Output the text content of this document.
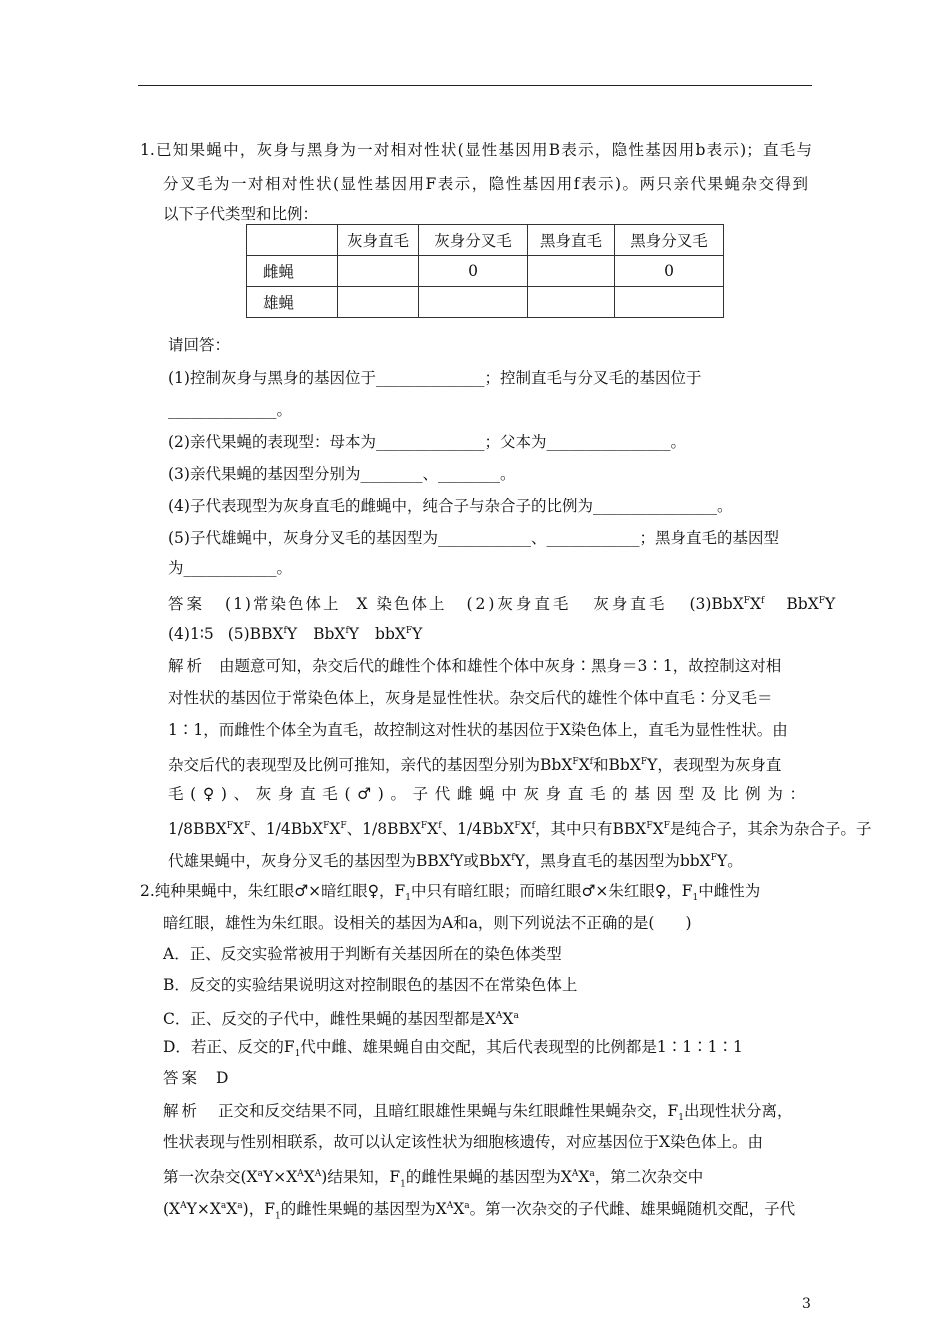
1.已知果蝇中，灰身与黑身为一对相对性状(显性基因用B表示，隐性基因用b表示)；直毛与
分叉毛为一对相对性状(显性基因用F表示，隐性基因用f表示)。两只亲代果蝇杂交得到
以下子代类型和比例：
	灰身直毛	灰身分叉毛	黑身直毛	黑身分叉毛
雌蝇		0		0
雄蝇				
请回答：
(1)控制灰身与黑身的基因位于______________；控制直毛与分叉毛的基因位于
______________。
(2)亲代果蝇的表现型：母本为______________；父本为________________。
(3)亲代果蝇的基因型分别为________、________。
(4)子代表现型为灰身直毛的雌蝇中，纯合子与杂合子的比例为________________。
(5)子代雄蝇中，灰身分叉毛的基因型为____________、____________；黑身直毛的基因型
为____________。
答案 (1)常染色体上 X 染色体上 (2)灰身直毛 灰身直毛 $(3)BbX^FX^f$ BbX$^F$Y
(4)1∶5 (5)BBX$^f$Y BbX$^f$Y bbX$^F$Y
解析 由题意可知，杂交后代的雌性个体和雄性个体中灰身∶黑身＝3∶1，故控制这对相
对性状的基因位于常染色体上，灰身是显性性状。杂交后代的雄性个体中直毛∶分叉毛＝
1∶1，而雌性个体全为直毛，故控制这对性状的基因位于X染色体上，直毛为显性性状。由
杂交后代的表现型及比例可推知，亲代的基因型分别为$BbX^FX^f$和BbX$^F$Y，表现型为灰身直
毛(♀)、灰身直毛(♂)。子代雌蝇中灰身直毛的基因型及比例为：
$1/8BBX^FX^F$、$1/4BbX^FX^F$、$1/8BBX^FX^f$、$1/4BbX^FX^f$，其中只有$BBX^FX^F$是纯合子，其余为杂合子。子
代雄果蝇中，灰身分叉毛的基因型为BBX$^f$Y或BbX$^f$Y，黑身直毛的基因型为bbX$^F$Y。
2.纯种果蝇中，朱红眼♂×暗红眼♀，$F_1$中只有暗红眼；而暗红眼♂×朱红眼♀，$F_1$中雌性为
暗红眼，雄性为朱红眼。设相关的基因为A和a，则下列说法不正确的是(　　)
A．正、反交实验常被用于判断有关基因所在的染色体类型
B．反交的实验结果说明这对控制眼色的基因不在常染色体上
C．正、反交的子代中，雌性果蝇的基因型都是$X^AX^a$
D．若正、反交的$F_1$代中雌、雄果蝇自由交配，其后代表现型的比例都是1∶1∶1∶1
答案 D
解析 正交和反交结果不同，且暗红眼雄性果蝇与朱红眼雌性果蝇杂交，$F_1$出现性状分离，
性状表现与性别相联系，故可以认定该性状为细胞核遗传，对应基因位于X染色体上。由
第一次杂交$(X^aY\times X^AX^A)$结果知，$F_1$的雌性果蝇的基因型为$X^AX^a$，第二次杂交中
$(X^AY\times X^aX^a)$，$F_1$的雌性果蝇的基因型为$X^AX^a$。第一次杂交的子代雌、雄果蝇随机交配，子代
3
